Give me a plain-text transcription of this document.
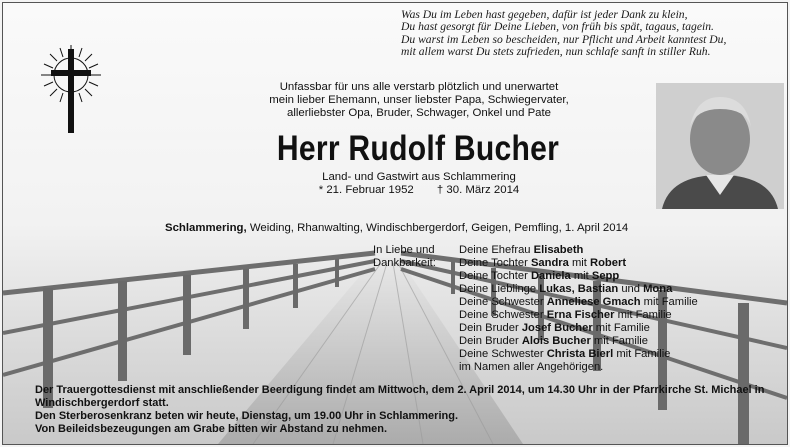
Was Du im Leben hast gegeben, dafür ist jeder Dank zu klein,
Du hast gesorgt für Deine Lieben, von früh bis spät, tagaus, tagein.
Du warst im Leben so bescheiden, nur Pflicht und Arbeit kanntest Du,
mit allem warst Du stets zufrieden, nun schlafe sanft in stiller Ruh.
Unfassbar für uns alle verstarb plötzlich und unerwartet
mein lieber Ehemann, unser liebster Papa, Schwiegervater,
allerliebster Opa, Bruder, Schwager, Onkel und Pate
Herr Rudolf Bucher
Land- und Gastwirt aus Schlammering
* 21. Februar 1952 † 30. März 2014
Schlammering, Weiding, Rhanwalting, Windischbergerdorf, Geigen, Pemfling, 1. April 2014
In Liebe und
Dankbarkeit:
Deine Ehefrau Elisabeth
Deine Tochter Sandra mit Robert
Deine Tochter Daniela mit Sepp
Deine Lieblinge Lukas, Bastian und Mona
Deine Schwester Anneliese Gmach mit Familie
Deine Schwester Erna Fischer mit Familie
Dein Bruder Josef Bucher mit Familie
Dein Bruder Alois Bucher mit Familie
Deine Schwester Christa Bierl mit Familie
im Namen aller Angehörigen.
Der Trauergottesdienst mit anschließender Beerdigung findet am Mittwoch, dem 2. April 2014, um 14.30 Uhr in der Pfarrkirche St. Michael in
Windischbergerdorf statt.
Den Sterberosenkranz beten wir heute, Dienstag, um 19.00 Uhr in Schlammering.
Von Beileidsbezeugungen am Grabe bitten wir Abstand zu nehmen.
